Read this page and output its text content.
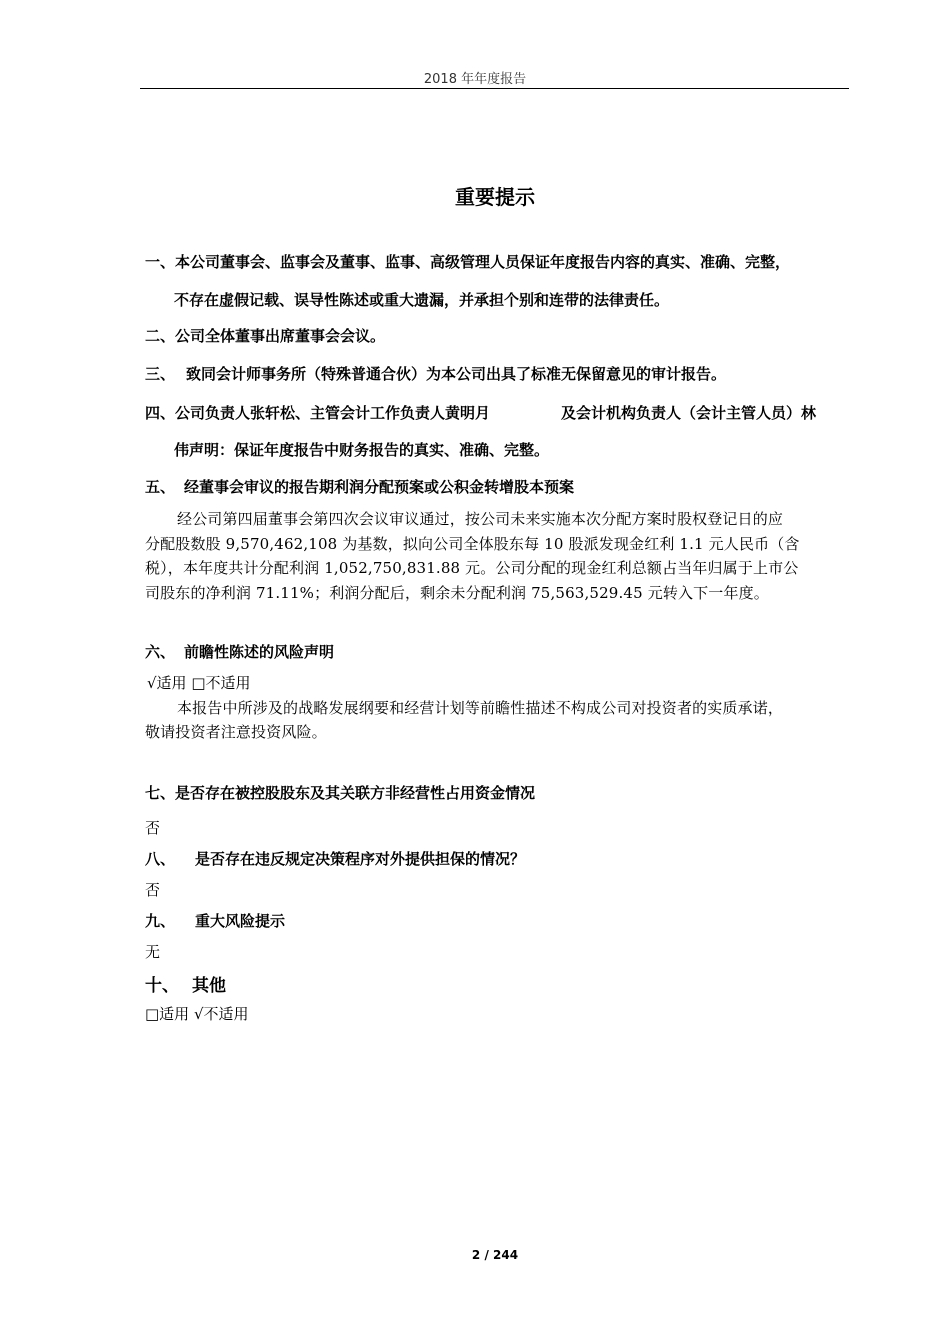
2018 年年度报告
重要提示
一、本公司董事会、监事会及董事、监事、高级管理人员保证年度报告内容的真实、准确、完整，
不存在虚假记载、误导性陈述或重大遗漏，并承担个别和连带的法律责任。
二、公司全体董事出席董事会会议。
三、 致同会计师事务所（特殊普通合伙）为本公司出具了标准无保留意见的审计报告。
四、公司负责人张轩松、主管会计工作负责人黄明月	及会计机构负责人（会计主管人员）林
伟声明：保证年度报告中财务报告的真实、准确、完整。
五、 经董事会审议的报告期利润分配预案或公积金转增股本预案
经公司第四届董事会第四次会议审议通过，按公司未来实施本次分配方案时股权登记日的应
分配股数股 9,570,462,108 为基数，拟向公司全体股东每 10 股派发现金红利 1.1 元人民币（含
税），本年度共计分配利润 1,052,750,831.88 元。公司分配的现金红利总额占当年归属于上市公
司股东的净利润 71.11%；利润分配后，剩余未分配利润 75,563,529.45 元转入下一年度。
六、 前瞻性陈述的风险声明
√适用 □不适用
本报告中所涉及的战略发展纲要和经营计划等前瞻性描述不构成公司对投资者的实质承诺，
敬请投资者注意投资风险。
七、是否存在被控股股东及其关联方非经营性占用资金情况
否
八、 是否存在违反规定决策程序对外提供担保的情况？
否
九、 重大风险提示
无
十、 其他
□适用 √不适用
2 / 244
